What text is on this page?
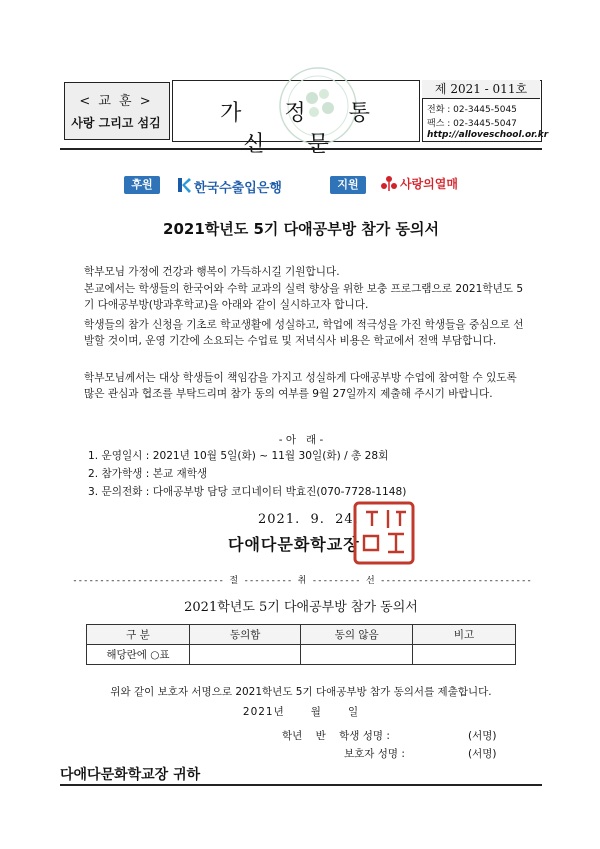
< 교 훈 >
사랑 그리고 섬김	가 정 통 신 문
제 2021 - 011호
전화 : 02-3445-5045
팩스 : 02-3445-5047
http://alloveschool.or.kr
후원	한국수출입은행	지원	사랑의열매
2021학년도 5기 다애공부방 참가 동의서
학부모님 가정에 건강과 행복이 가득하시길 기원합니다.
본교에서는 학생들의 한국어와 수학 교과의 실력 향상을 위한 보충 프로그램으로 2021학년도 5기 다애공부방(방과후학교)을 아래와 같이 실시하고자 합니다.
학생들의 참가 신청을 기초로 학교생활에 성실하고, 학업에 적극성을 가진 학생들을 중심으로 선발할 것이며, 운영 기간에 소요되는 수업료 및 저녁식사 비용은 학교에서 전액 부담합니다.
학부모님께서는 대상 학생들이 책임감을 가지고 성실하게 다애공부방 수업에 참여할 수 있도록 많은 관심과 협조를 부탁드리며 참가 동의 여부를 9월 27일까지 제출해 주시기 바랍니다.
- 아   래 -
1. 운영일시 : 2021년 10월 5일(화) ~ 11월 30일(화) / 총 28회
2. 참가학생 : 본교 재학생
3. 문의전화 : 다애공부방 담당 코디네이터 박효진(070-7728-1148)
2021.  9.  24.
다애다문화학교장
---------------------------- 절 --------- 취 --------- 선 ----------------------------
2021학년도 5기 다애공부방 참가 동의서
구 분	동의함	동의 않음	비고
해당란에 ○표			
위와 같이 보호자 서명으로 2021학년도 5기 다애공부방 참가 동의서를 제출합니다.
2021년      월      일
학년    반    학생 성명 :	(서명)
보호자 성명 :	(서명)
다애다문화학교장 귀하
